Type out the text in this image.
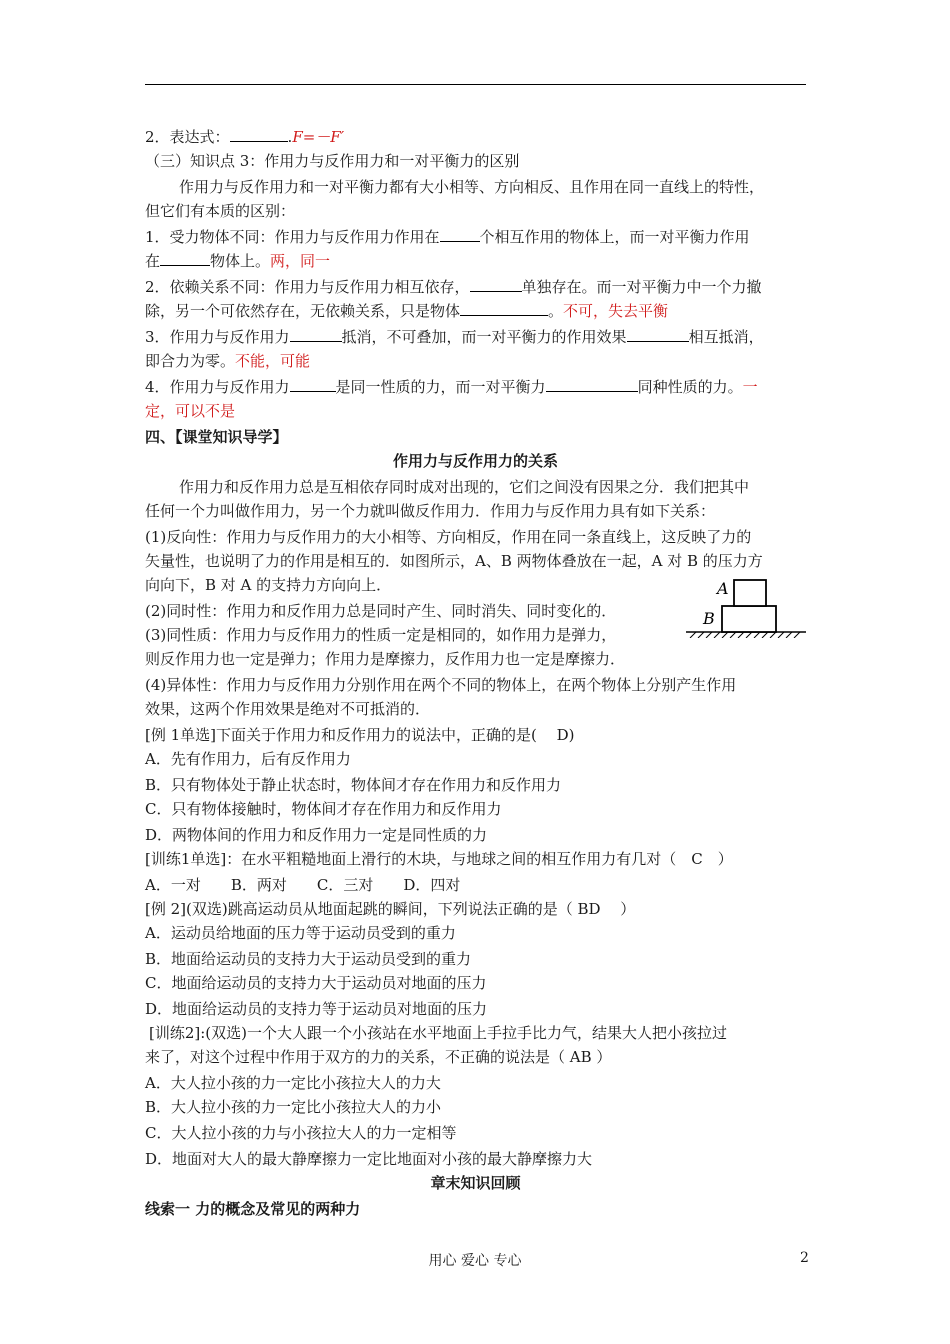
2．表达式：	.F=－F′
（三）知识点 3：作用力与反作用力和一对平衡力的区别
作用力与反作用力和一对平衡力都有大小相等、方向相反、且作用在同一直线上的特性，
但它们有本质的区别：
1．受力物体不同：作用力与反作用力作用在	个相互作用的物体上，而一对平衡力作用
在	物体上。两，同一
2．依赖关系不同：作用力与反作用力相互依存，	单独存在。而一对平衡力中一个力撤
除，另一个可依然存在，无依赖关系，只是物体	。不可，失去平衡
3．作用力与反作用力	抵消，不可叠加，而一对平衡力的作用效果	相互抵消，
即合力为零。不能，可能
4．作用力与反作用力	是同一性质的力，而一对平衡力	同种性质的力。一
定，可以不是
四、【课堂知识导学】
作用力与反作用力的关系
作用力和反作用力总是互相依存同时成对出现的，它们之间没有因果之分．我们把其中
任何一个力叫做作用力，另一个力就叫做反作用力．作用力与反作用力具有如下关系：
(1)反向性：作用力与反作用力的大小相等、方向相反，作用在同一条直线上，这反映了力的
矢量性，也说明了力的作用是相互的．如图所示，A、B 两物体叠放在一起，A 对 B 的压力方
向向下，B 对 A 的支持力方向向上．
(2)同时性：作用力和反作用力总是同时产生、同时消失、同时变化的．
(3)同性质：作用力与反作用力的性质一定是相同的，如作用力是弹力，
则反作用力也一定是弹力；作用力是摩擦力，反作用力也一定是摩擦力．
(4)异体性：作用力与反作用力分别作用在两个不同的物体上，在两个物体上分别产生作用
效果，这两个作用效果是绝对不可抵消的．
A
B
[例 1单选]下面关于作用力和反作用力的说法中，正确的是(　 D)
A．先有作用力，后有反作用力
B．只有物体处于静止状态时，物体间才存在作用力和反作用力
C．只有物体接触时，物体间才存在作用力和反作用力
D．两物体间的作用力和反作用力一定是同性质的力
[训练1单选]：在水平粗糙地面上滑行的木块，与地球之间的相互作用力有几对（　C　）
A．一对　　B．两对　　C．三对　　D．四对
[例 2](双选)跳高运动员从地面起跳的瞬间，下列说法正确的是（ BD　 ）
A．运动员给地面的压力等于运动员受到的重力
B．地面给运动员的支持力大于运动员受到的重力
C．地面给运动员的支持力大于运动员对地面的压力
D．地面给运动员的支持力等于运动员对地面的压力
[训练2]:(双选)一个大人跟一个小孩站在水平地面上手拉手比力气，结果大人把小孩拉过
来了，对这个过程中作用于双方的力的关系，不正确的说法是（ AB ）
A．大人拉小孩的力一定比小孩拉大人的力大
B．大人拉小孩的力一定比小孩拉大人的力小
C．大人拉小孩的力与小孩拉大人的力一定相等
D．地面对大人的最大静摩擦力一定比地面对小孩的最大静摩擦力大
章末知识回顾
线索一 力的概念及常见的两种力
用心 爱心 专心	2
